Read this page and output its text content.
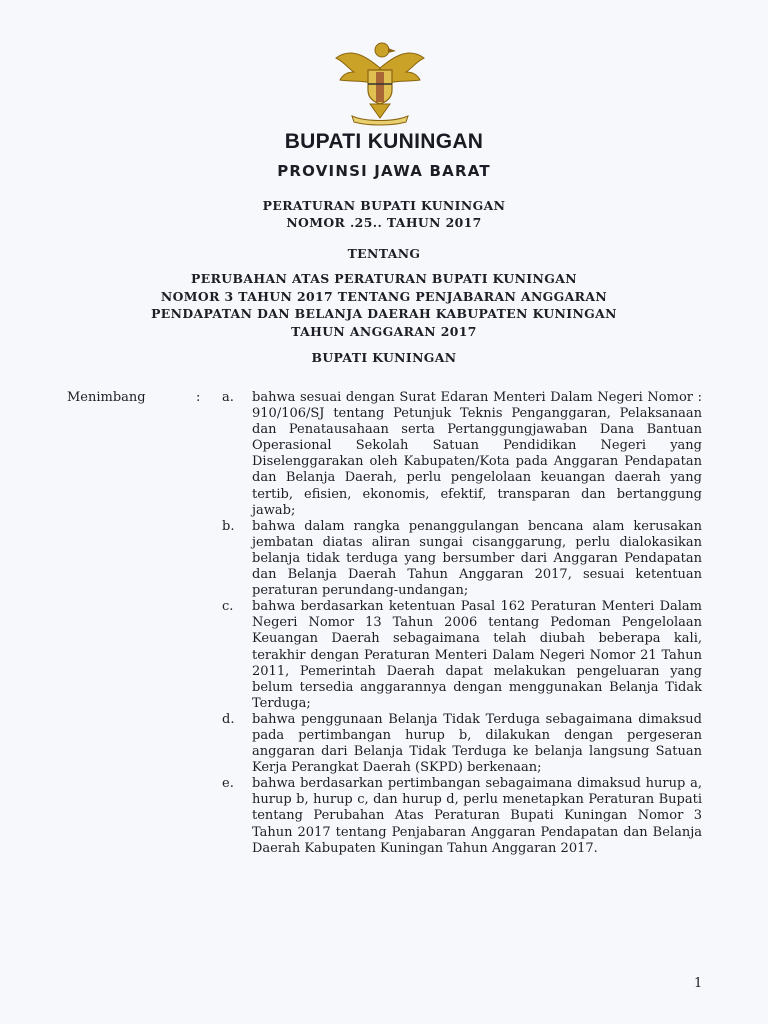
BUPATI KUNINGAN
PROVINSI JAWA BARAT
PERATURAN BUPATI KUNINGAN
NOMOR .25.. TAHUN 2017
TENTANG
PERUBAHAN ATAS PERATURAN BUPATI KUNINGAN
NOMOR 3 TAHUN 2017 TENTANG PENJABARAN ANGGARAN
PENDAPATAN DAN BELANJA DAERAH KABUPATEN KUNINGAN
TAHUN ANGGARAN 2017
BUPATI KUNINGAN
Menimbang	: a.	bahwa sesuai dengan Surat Edaran Menteri Dalam Negeri Nomor : 910/106/SJ tentang Petunjuk Teknis Penganggaran, Pelaksanaan dan Penatausahaan serta Pertanggungjawaban Dana Bantuan Operasional Sekolah Satuan Pendidikan Negeri yang Diselenggarakan oleh Kabupaten/Kota pada Anggaran Pendapatan dan Belanja Daerah, perlu pengelolaan keuangan daerah yang tertib, efisien, ekonomis, efektif, transparan dan bertanggung jawab;
b.	bahwa dalam rangka penanggulangan bencana alam kerusakan jembatan diatas aliran sungai cisanggarung, perlu dialokasikan belanja tidak terduga yang bersumber dari Anggaran Pendapatan dan Belanja Daerah Tahun Anggaran 2017, sesuai ketentuan peraturan perundang-undangan;
c.	bahwa berdasarkan ketentuan Pasal 162 Peraturan Menteri Dalam Negeri Nomor 13 Tahun 2006 tentang Pedoman Pengelolaan Keuangan Daerah sebagaimana telah diubah beberapa kali, terakhir dengan Peraturan Menteri Dalam Negeri Nomor 21 Tahun 2011, Pemerintah Daerah dapat melakukan pengeluaran yang belum tersedia anggarannya dengan menggunakan Belanja Tidak Terduga;
d.	bahwa penggunaan Belanja Tidak Terduga sebagaimana dimaksud pada pertimbangan hurup b, dilakukan dengan pergeseran anggaran dari Belanja Tidak Terduga ke belanja langsung Satuan Kerja Perangkat Daerah (SKPD) berkenaan;
e.	bahwa berdasarkan pertimbangan sebagaimana dimaksud hurup a, hurup b, hurup c, dan hurup d, perlu menetapkan Peraturan Bupati tentang Perubahan Atas Peraturan Bupati Kuningan Nomor 3 Tahun 2017 tentang Penjabaran Anggaran Pendapatan dan Belanja Daerah Kabupaten Kuningan Tahun Anggaran 2017.
1
